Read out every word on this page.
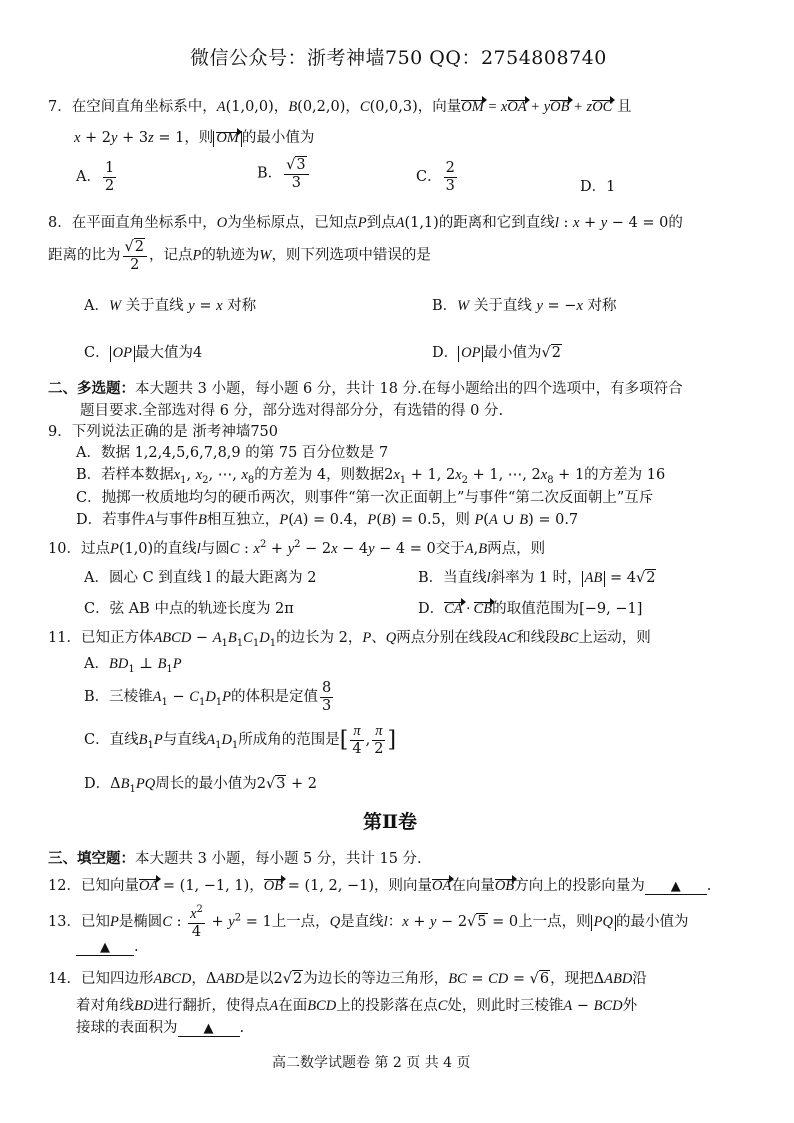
微信公众号：浙考神墙750 QQ：2754808740
7．在空间直角坐标系中，A(1,0,0)，B(0,2,0)，C(0,0,3)，向量OM = xOA + yOB + zOC 且
x + 2y + 3z = 1，则 OM 的最小值为
A． $\frac{1}{2}$	B． $\frac{√3}{3}$	C． $\frac{2}{3}$	D．1
8．在平面直角坐标系中，O为坐标原点，已知点P到点A(1,1)的距离和它到直线l : x + y − 4 = 0的
距离的比为 $\frac{√2}{2}$ ，记点P的轨迹为W，则下列选项中错误的是
A．W 关于直线 y = x 对称	B．W 关于直线 y = −x 对称
C． OP 最大值为4	D． OP 最小值为√2
二、多选题：本大题共 3 小题，每小题 6 分，共计 18 分.在每小题给出的四个选项中，有多项符合
题目要求.全部选对得 6 分，部分选对得部分分，有选错的得 0 分.
9．下列说法正确的是 浙考神墙750
A．数据 1,2,4,5,6,7,8,9 的第 75 百分位数是 7
B．若样本数据$x_1$, $x_2$, ⋯, $x_8$的方差为 4，则数据$2x_1 + 1$, $2x_2 + 1$, ⋯, $2x_8 + 1$的方差为 16
C．抛掷一枚质地均匀的硬币两次，则事件“第一次正面朝上”与事件“第二次反面朝上”互斥
D．若事件A与事件B相互独立，P(A) = 0.4，P(B) = 0.5，则 P(A ∪ B) = 0.7
10．过点P(1,0)的直线l与圆C : $x^2 + y^2 - 2x - 4y - 4 = 0$交于A,B两点，则
A．圆心 C 到直线 l 的最大距离为 2	B．当直线l斜率为 1 时， AB = 4√2
C．弦 AB 中点的轨迹长度为 2π	D．CA · CB的取值范围为[−9, −1]
11．已知正方体ABCD − $A_1B_1C_1D_1$的边长为 2，P、Q两点分别在线段AC和线段BC上运动，则
A．$BD_1$ ⊥ $B_1P$
B．三棱锥$A_1 - C_1D_1P$的体积是定值 $\frac{8}{3}$
C．直线$B_1P$与直线$A_1D_1$所成角的范围是[ $\frac{\pi}{4}$ , $\frac{\pi}{2}$ ]
D．$\Delta B_1PQ$周长的最小值为2√3 + 2
第Ⅱ卷
三、填空题：本大题共 3 小题，每小题 5 分，共计 15 分.
12．已知向量OA = (1, −1, 1)，OB = (1, 2, −1)，则向量OA在向量OB方向上的投影向量为 ▲ .
13．已知P是椭圆C : $\frac{x^2}{4} + y^2 = 1$上一点，Q是直线l：x + y − 2√5 = 0上一点，则 PQ 的最小值为
▲ .
14．已知四边形ABCD，ΔABD是以2√2为边长的等边三角形，BC = CD = √6，现把ΔABD沿
着对角线BD进行翻折，使得点A在面BCD上的投影落在点C处，则此时三棱锥A − BCD外
接球的表面积为 ▲ .
高二数学试题卷 第 2 页 共 4 页
